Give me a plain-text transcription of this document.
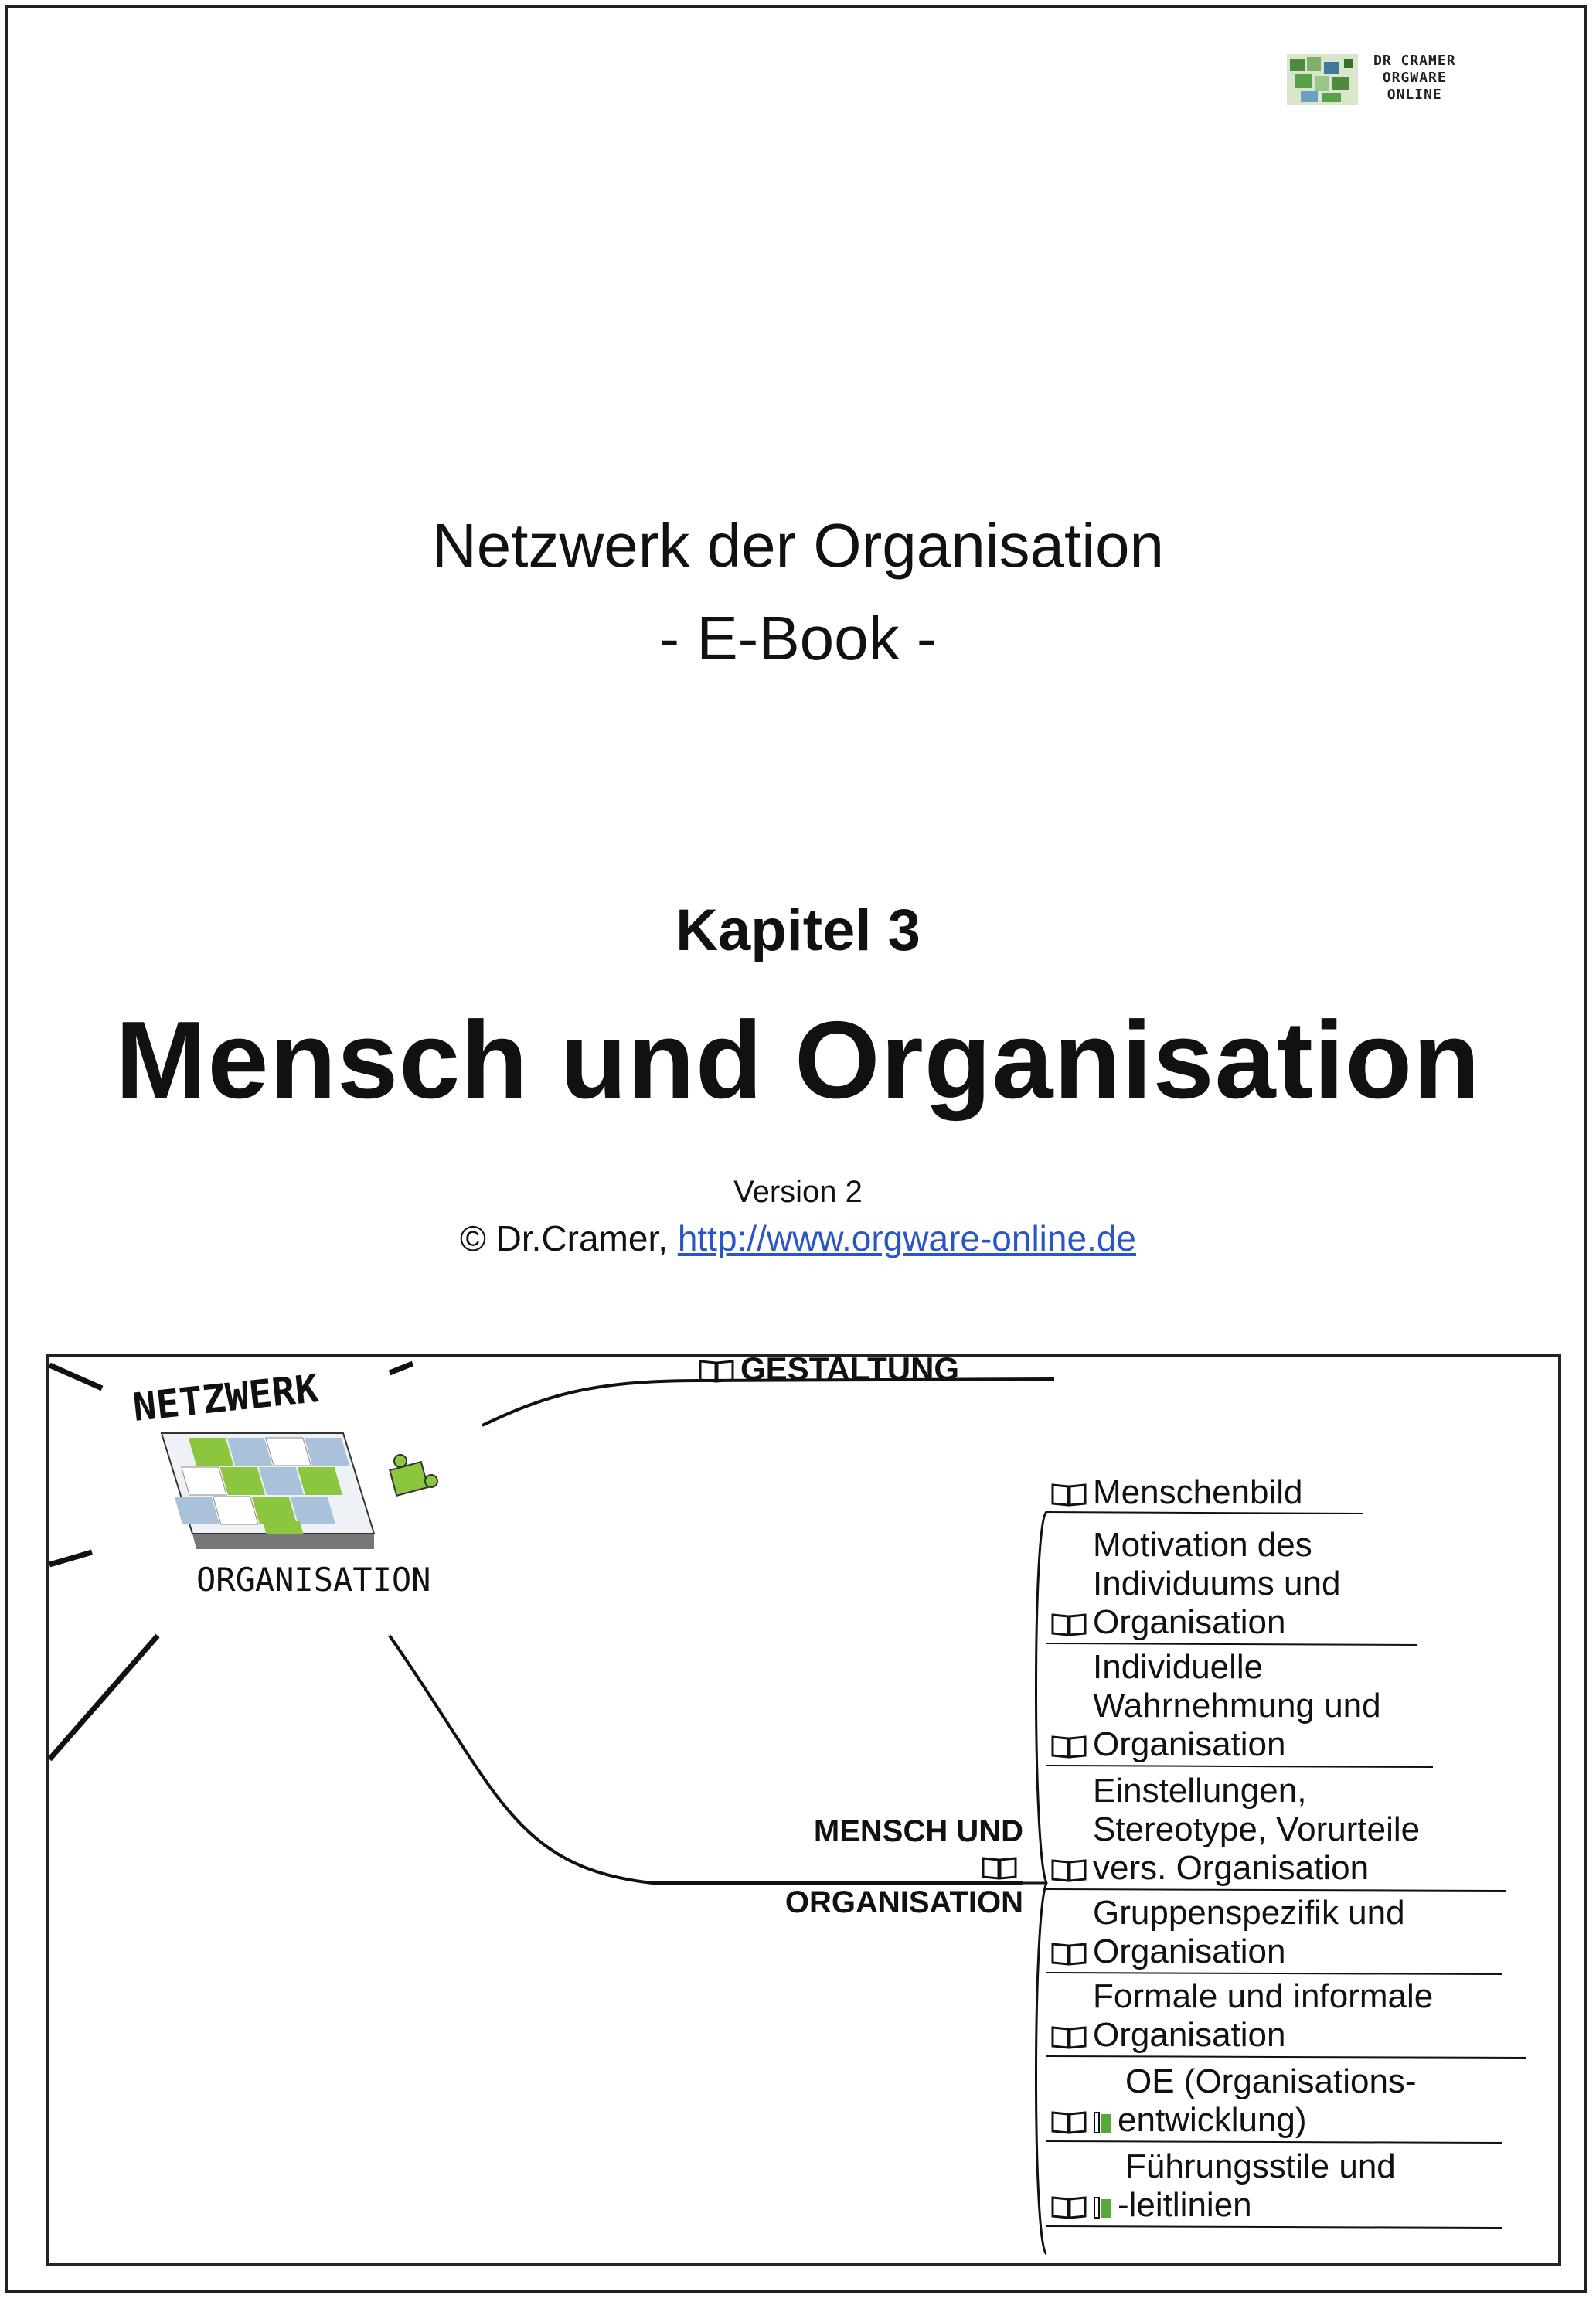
DR CRAMER
ORGWARE
ONLINE
Netzwerk der Organisation
- E-Book -
Kapitel 3
Mensch und Organisation
Version 2
© Dr.Cramer, http://www.orgware-online.de
NETZWERK
ORGANISATION
GESTALTUNG
MENSCH UND
ORGANISATION
Menschenbild
Motivation des
Individuums und
Organisation
Individuelle
Wahrnehmung und
Organisation
Einstellungen,
Stereotype, Vorurteile
vers. Organisation
Gruppenspezifik und
Organisation
Formale und informale
Organisation
OE (Organisations-
entwicklung)
Führungsstile und
-leitlinien
